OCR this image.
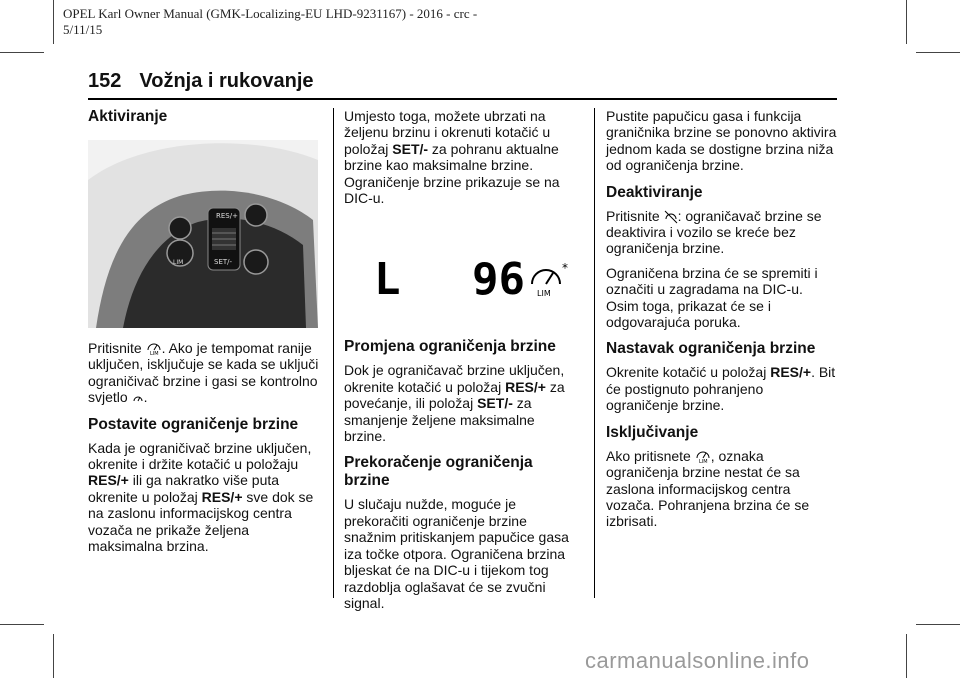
OPEL Karl Owner Manual (GMK-Localizing-EU LHD-9231167) - 2016 - crc -
5/11/15
152 Vožnja i rukovanje
Aktiviranje
RES/+
SET/-
LIM

Pritisnite LIM . Ako je tempomat ranije uključen, isključuje se kada se uključi ograničivač brzine i gasi se kontrolno svjetlo .

Postavite ograničenje brzine

Kada je ograničivač brzine uključen, okrenite i držite kotačić u položaju RES/+ ili ga nakratko više puta okrenite u položaj RES/+ sve dok se na zaslonu informacijskog centra vozača ne prikaže željena maksimalna brzina.

Umjesto toga, možete ubrzati na željenu brzinu i okrenuti kotačić u položaj SET/- za pohranu aktualne brzine kao maksimalne brzine. Ograničenje brzine prikazuje se na DIC-u.

L 96 LIM
*
Promjena ograničenja brzine

Dok je ograničavač brzine uključen, okrenite kotačić u položaj RES/+ za povećanje, ili položaj SET/- za smanjenje željene maksimalne brzine.

Prekoračenje ograničenja brzine

U slučaju nužde, moguće je prekoračiti ograničenje brzine snažnim pritiskanjem papučice gasa iza točke otpora. Ograničena brzina bljeskat će na DIC-u i tijekom tog razdoblja oglašavat će se zvučni signal.

Pustite papučicu gasa i funkcija graničnika brzine se ponovno aktivira jednom kada se dostigne brzina niža od ograničenja brzine.

Deaktiviranje

Pritisnite : ograničavač brzine se deaktivira i vozilo se kreće bez ograničenja brzine.

Ograničena brzina će se spremiti i označiti u zagradama na DIC-u. Osim toga, prikazat će se i odgovarajuća poruka.

Nastavak ograničenja brzine

Okrenite kotačić u položaj RES/+. Bit će postignuto pohranjeno ograničenje brzine.

Isključivanje

Ako pritisnete LIM , oznaka ograničenja brzine nestat će sa zaslona informacijskog centra vozača. Pohranjena brzina će se izbrisati.

carmanualsonline.info
